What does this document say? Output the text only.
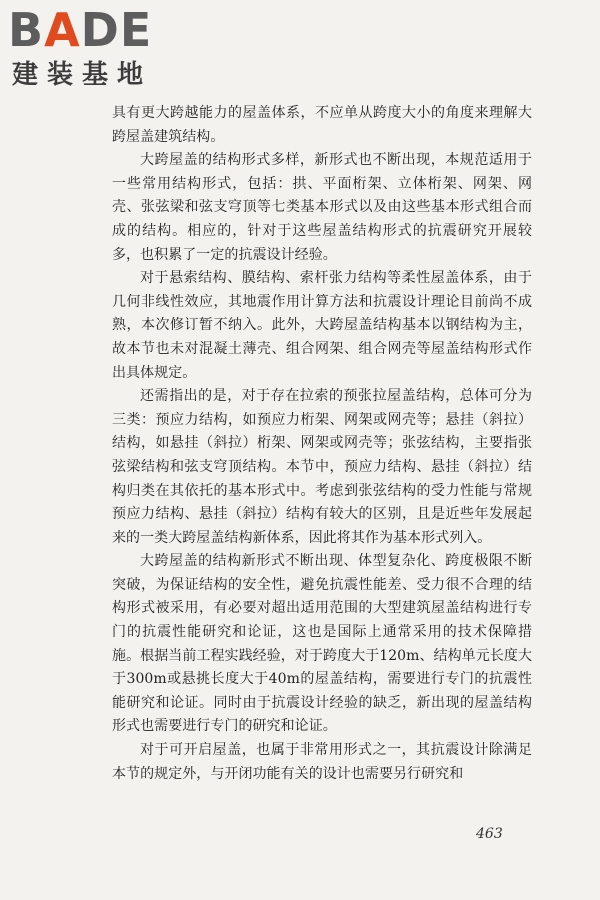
BADE
建装基地

具有更大跨越能力的屋盖体系，不应单从跨度大小的角度来理解大跨屋盖建筑结构。

大跨屋盖的结构形式多样，新形式也不断出现，本规范适用于一些常用结构形式，包括：拱、平面桁架、立体桁架、网架、网壳、张弦梁和弦支穹顶等七类基本形式以及由这些基本形式组合而成的结构。相应的，针对于这些屋盖结构形式的抗震研究开展较多，也积累了一定的抗震设计经验。

对于悬索结构、膜结构、索杆张力结构等柔性屋盖体系，由于几何非线性效应，其地震作用计算方法和抗震设计理论目前尚不成熟，本次修订暂不纳入。此外，大跨屋盖结构基本以钢结构为主，故本节也未对混凝土薄壳、组合网架、组合网壳等屋盖结构形式作出具体规定。

还需指出的是，对于存在拉索的预张拉屋盖结构，总体可分为三类：预应力结构，如预应力桁架、网架或网壳等；悬挂（斜拉）结构，如悬挂（斜拉）桁架、网架或网壳等；张弦结构，主要指张弦梁结构和弦支穹顶结构。本节中，预应力结构、悬挂（斜拉）结构归类在其依托的基本形式中。考虑到张弦结构的受力性能与常规预应力结构、悬挂（斜拉）结构有较大的区别，且是近些年发展起来的一类大跨屋盖结构新体系，因此将其作为基本形式列入。

大跨屋盖的结构新形式不断出现、体型复杂化、跨度极限不断突破，为保证结构的安全性，避免抗震性能差、受力很不合理的结构形式被采用，有必要对超出适用范围的大型建筑屋盖结构进行专门的抗震性能研究和论证，这也是国际上通常采用的技术保障措施。根据当前工程实践经验，对于跨度大于120m、结构单元长度大于300m或悬挑长度大于40m的屋盖结构，需要进行专门的抗震性能研究和论证。同时由于抗震设计经验的缺乏，新出现的屋盖结构形式也需要进行专门的研究和论证。

对于可开启屋盖，也属于非常用形式之一，其抗震设计除满足本节的规定外，与开闭功能有关的设计也需要另行研究和

463
